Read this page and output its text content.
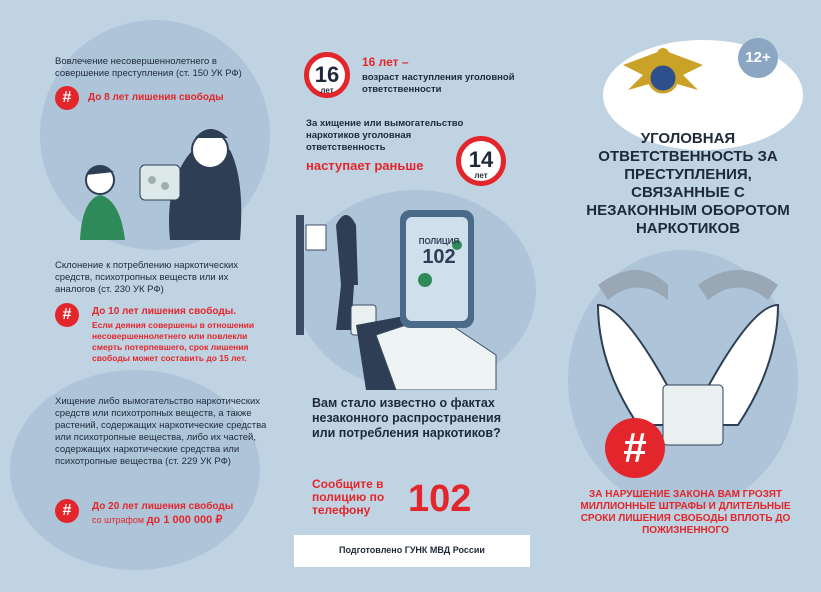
Вовлечение несовершеннолетнего в совершение преступления (ст. 150 УК РФ)
#	До 8 лет лишения свободы
Склонение к потреблению наркотических средств, психотропных веществ или их аналогов (ст. 230 УК РФ)
#	До 10 лет лишения свободы.
Если деяния совершены в отношении несовершеннолетнего или повлекли смерть потерпевшего, срок лишения свободы может составить до 15 лет.
Хищение либо вымогательство наркотических средств или психотропных веществ, а также растений, содержащих наркотические средства или психотропные вещества, либо их частей, содержащих наркотические средства или психотропные вещества (ст. 229 УК РФ)
#	До 20 лет лишения свободы
со штрафом до 1 000 000 ₽
16
лет
16 лет –
возраст наступления уголовной ответственности
За хищение или вымогательство наркотиков уголовная ответственность
наступает раньше	14
лет
ПОЛИЦИЯ
102
Вам стало известно о фактах незаконного распространения или потребления наркотиков?
Сообщите в полицию по телефону 102
Подготовлено ГУНК МВД России
12+
УГОЛОВНАЯ ОТВЕТСТВЕННОСТЬ ЗА ПРЕСТУПЛЕНИЯ, СВЯЗАННЫЕ С НЕЗАКОННЫМ ОБОРОТОМ НАРКОТИКОВ
#
ЗА НАРУШЕНИЕ ЗАКОНА ВАМ ГРОЗЯТ МИЛЛИОННЫЕ ШТРАФЫ И ДЛИТЕЛЬНЫЕ СРОКИ ЛИШЕНИЯ СВОБОДЫ ВПЛОТЬ ДО ПОЖИЗНЕННОГО
